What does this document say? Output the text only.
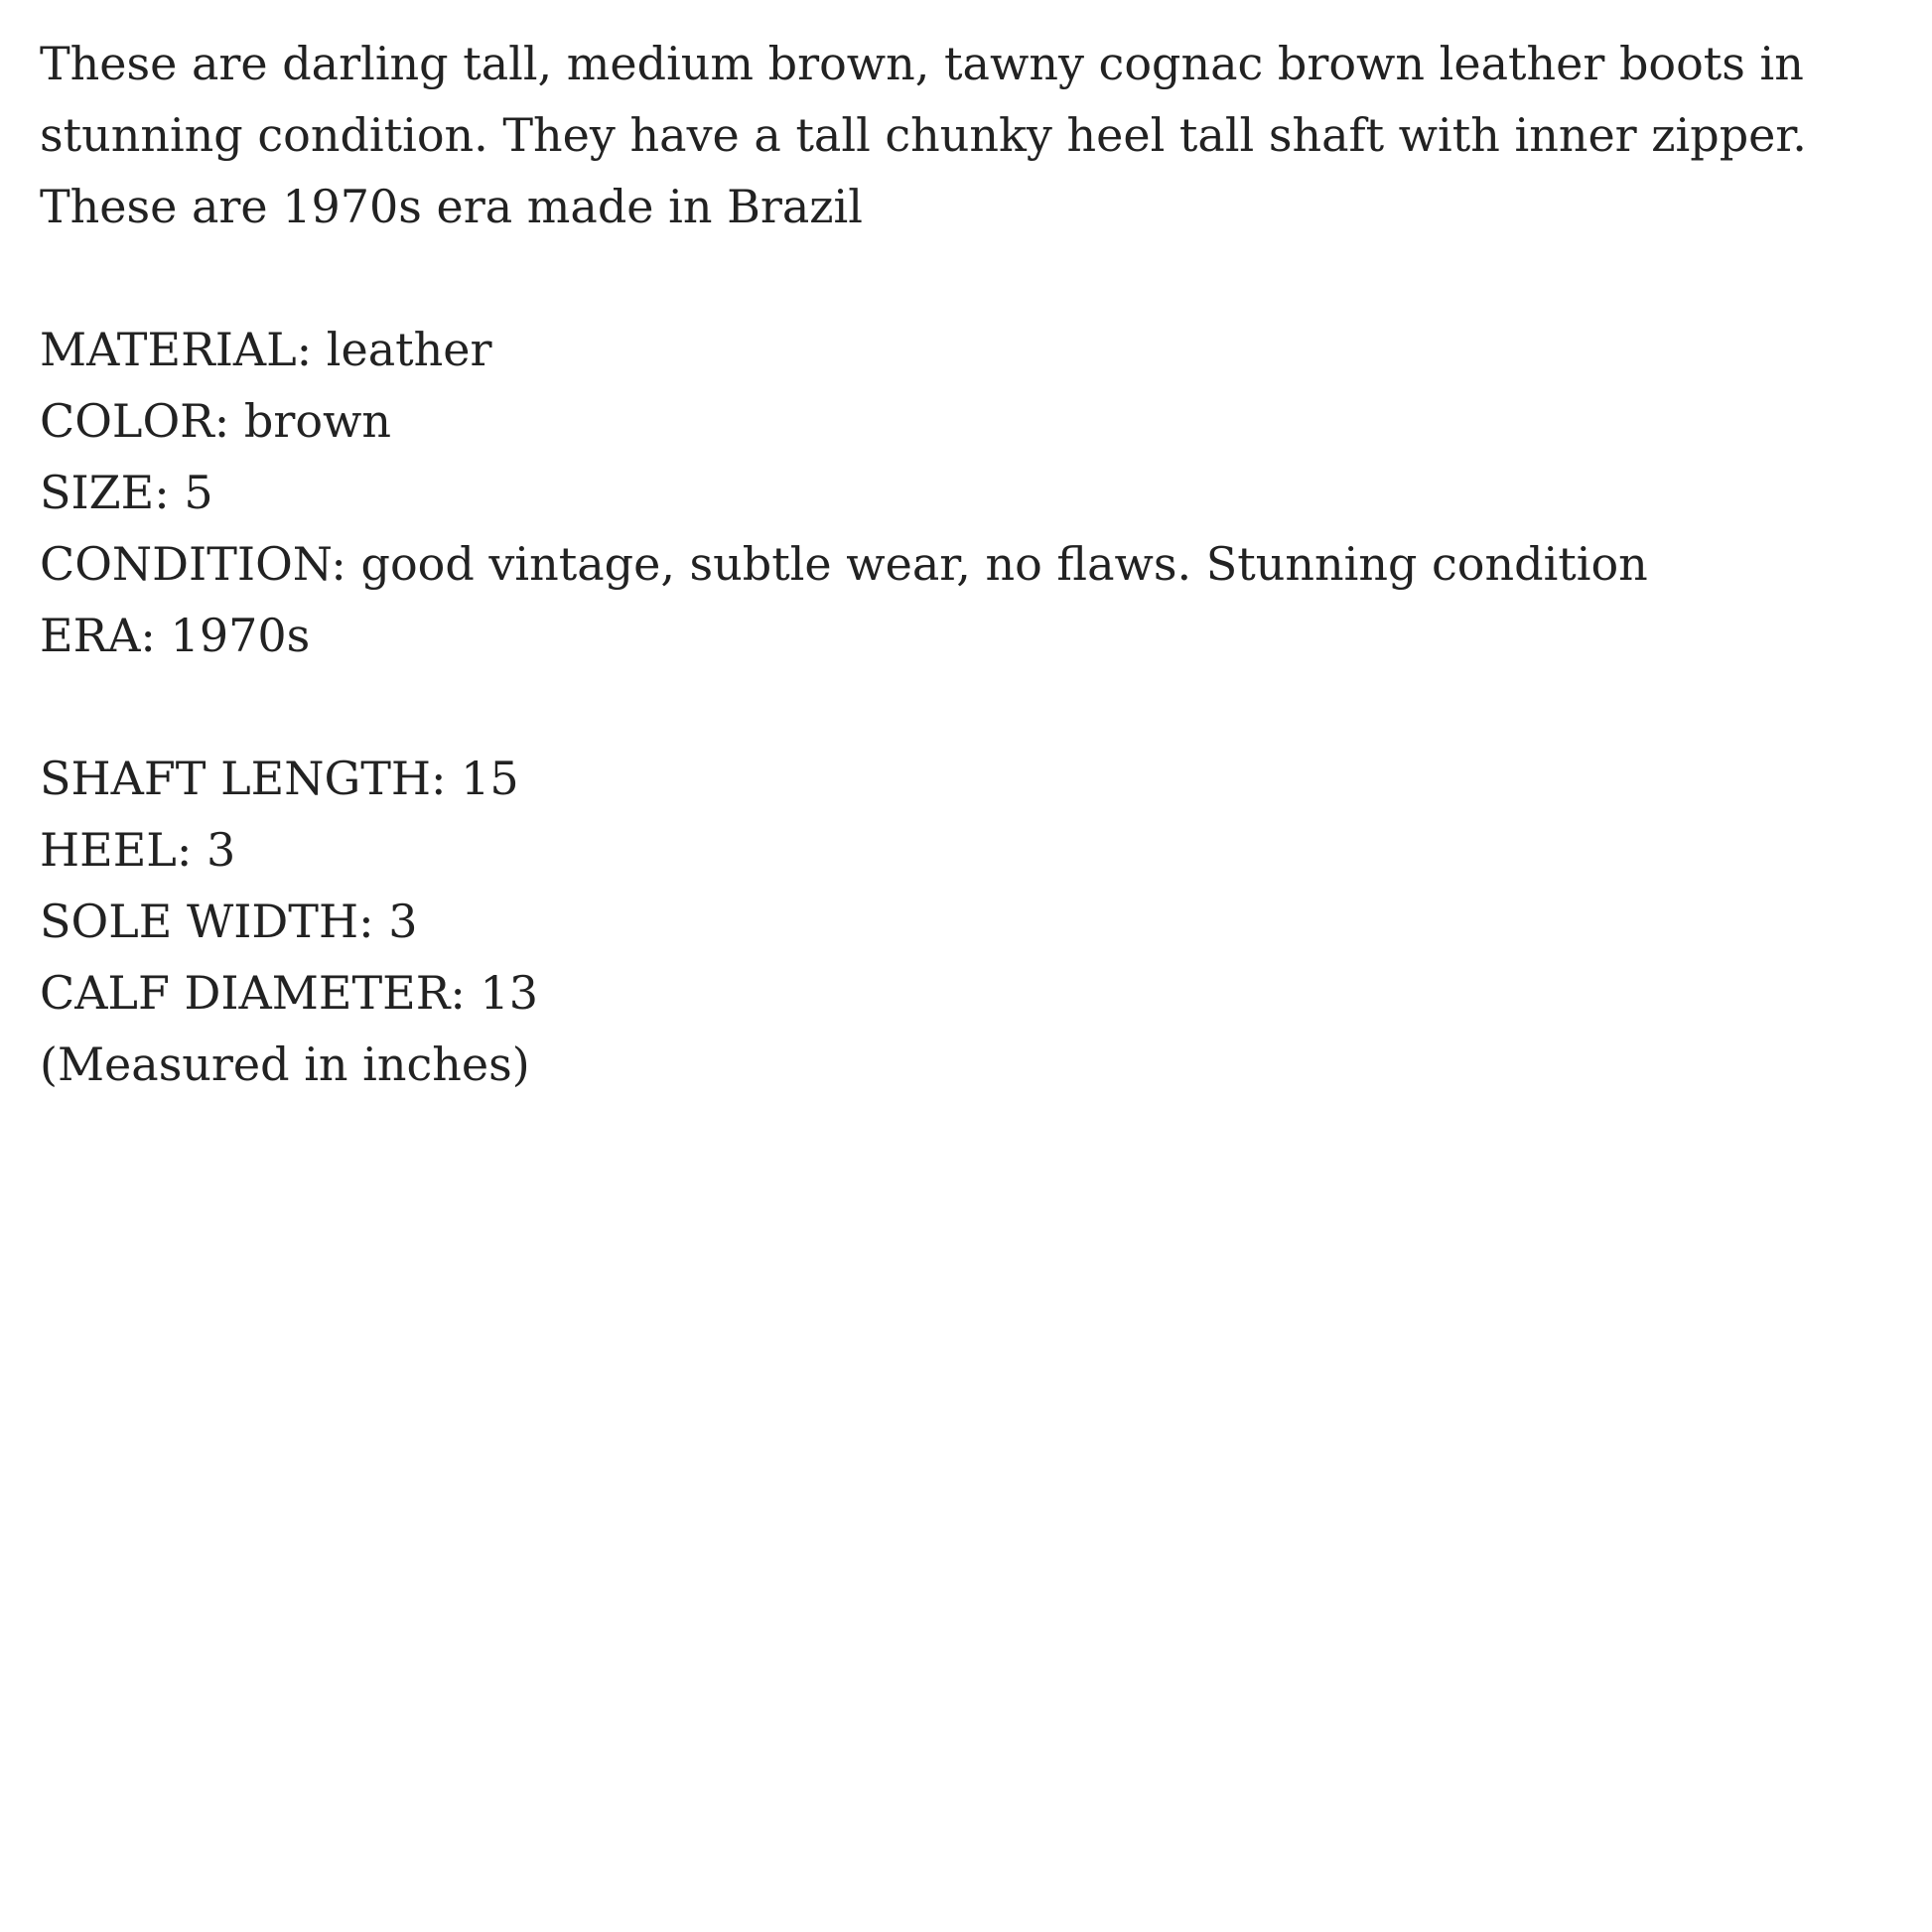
These are darling tall, medium brown, tawny cognac brown leather boots in stunning condition. They have a tall chunky heel tall shaft with inner zipper. These are 1970s era made in Brazil

MATERIAL: leather

COLOR: brown

SIZE: 5

CONDITION: good vintage, subtle wear, no flaws. Stunning condition

ERA: 1970s

SHAFT LENGTH: 15

HEEL: 3

SOLE WIDTH: 3

CALF DIAMETER: 13

(Measured in inches)
